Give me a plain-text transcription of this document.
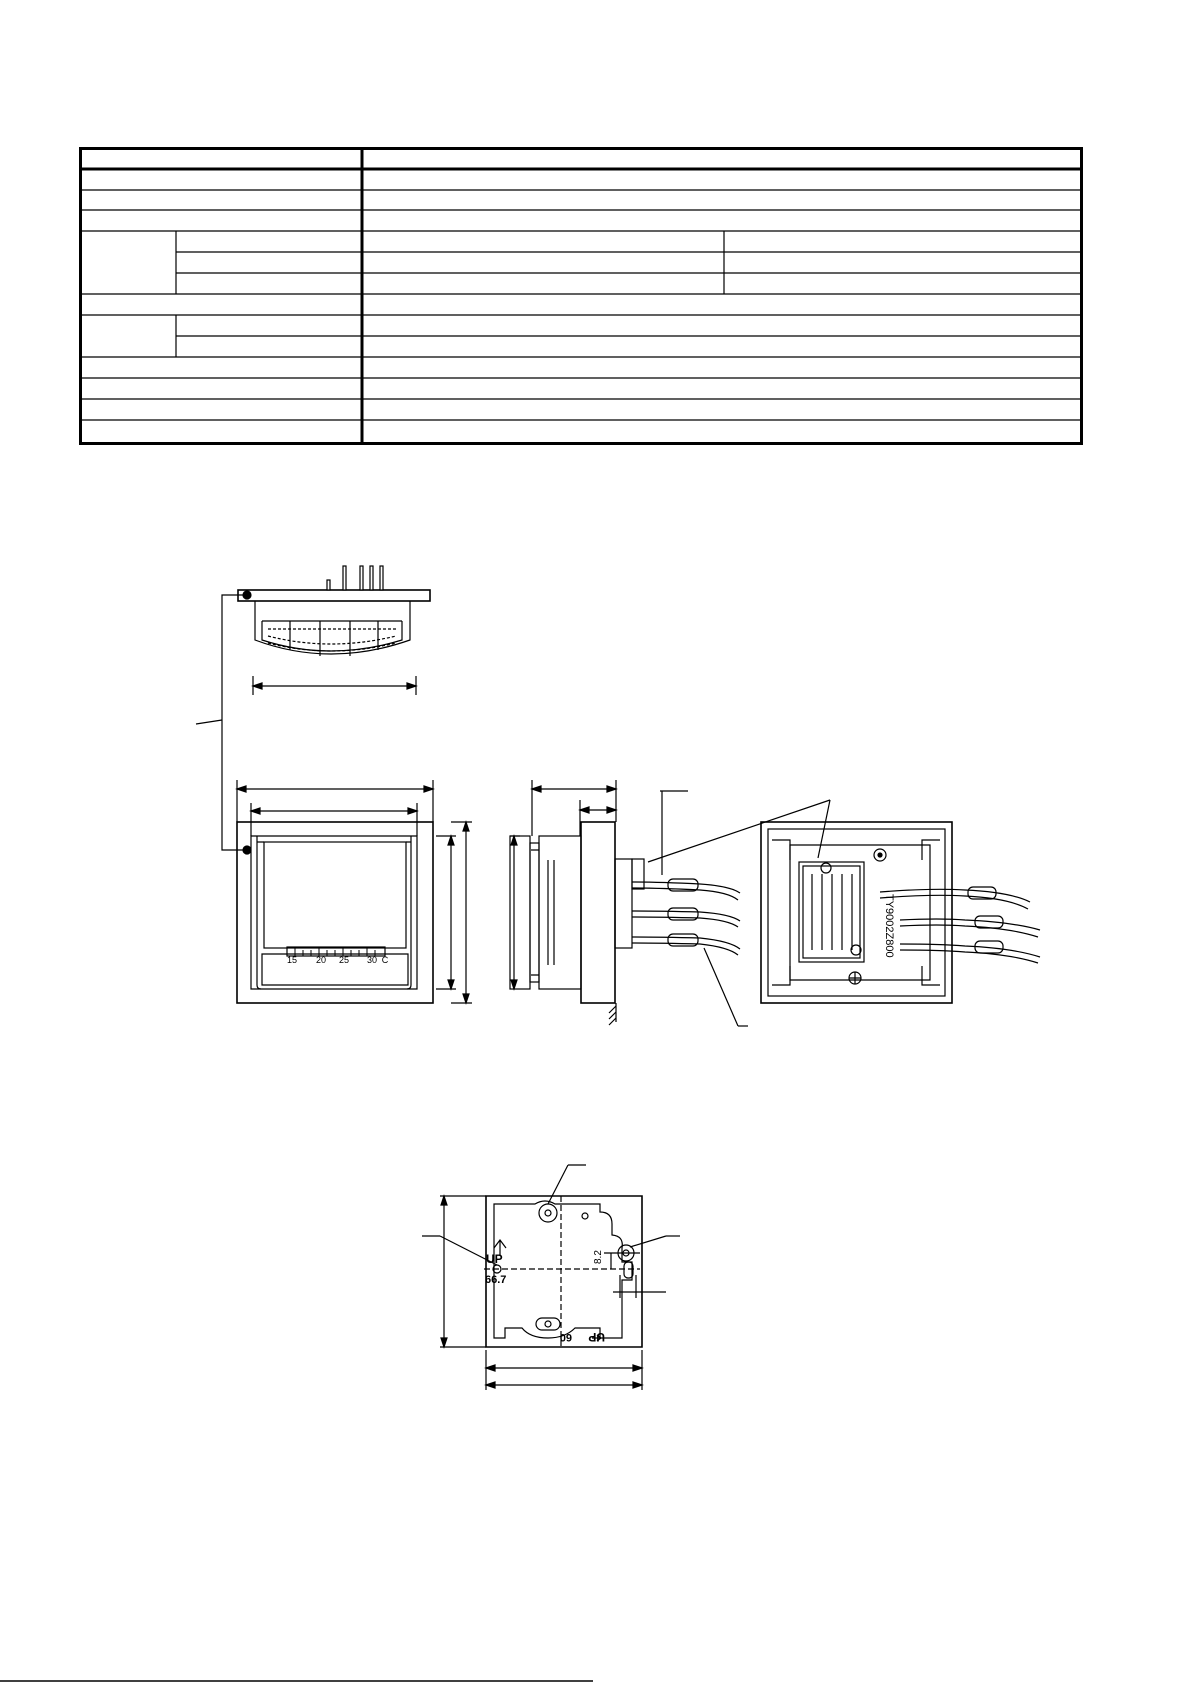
15 20 25 30 C
TY9002Z800
UP
66.7
8.2
60 UP
